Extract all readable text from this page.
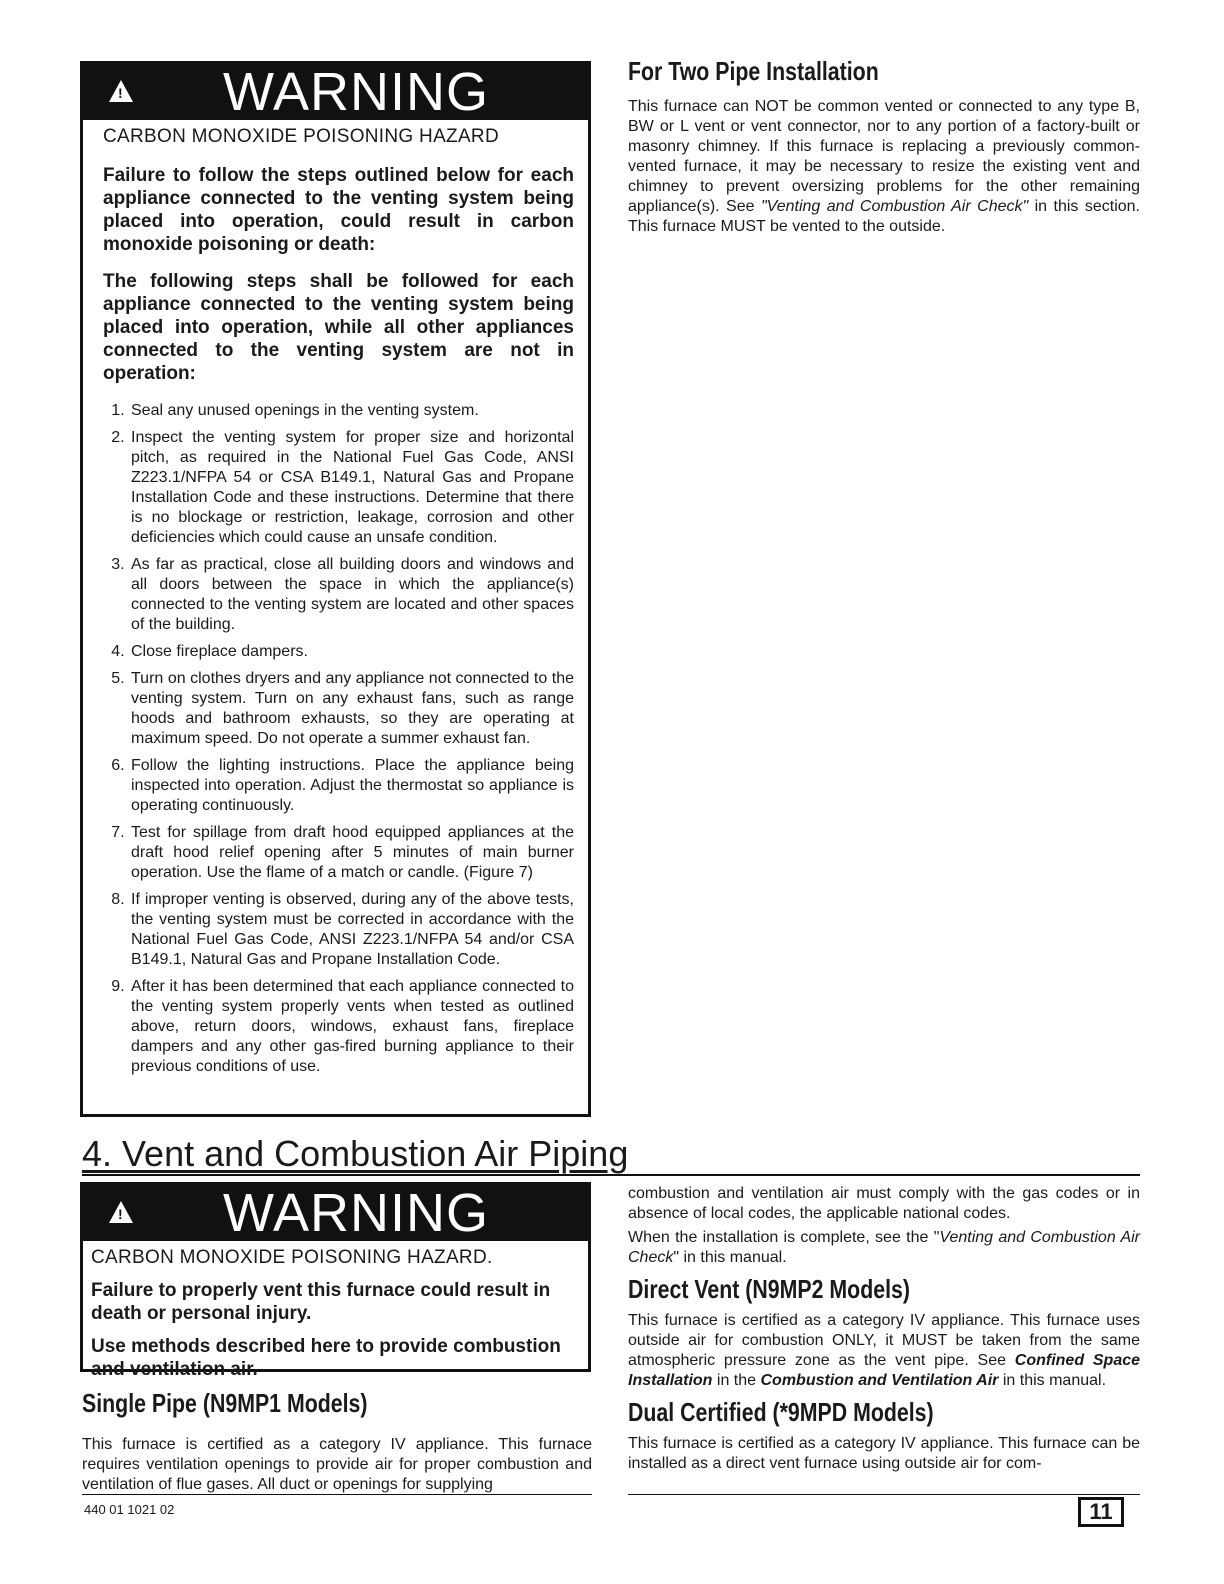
!
WARNING

CARBON MONOXIDE POISONING HAZARD

Failure to follow the steps outlined below for each appliance connected to the venting system being placed into operation, could result in carbon monoxide poisoning or death:

The following steps shall be followed for each appliance connected to the venting system being placed into operation, while all other appliances connected to the venting system are not in operation:

1. Seal any unused openings in the venting system.
2. Inspect the venting system for proper size and horizontal pitch, as required in the National Fuel Gas Code, ANSI Z223.1/NFPA 54 or CSA B149.1, Natural Gas and Propane Installation Code and these instructions. Determine that there is no blockage or restriction, leakage, corrosion and other deficiencies which could cause an unsafe condition.
3. As far as practical, close all building doors and windows and all doors between the space in which the appliance(s) connected to the venting system are located and other spaces of the building.
4. Close fireplace dampers.
5. Turn on clothes dryers and any appliance not connected to the venting system. Turn on any exhaust fans, such as range hoods and bathroom exhausts, so they are operating at maximum speed. Do not operate a summer exhaust fan.
6. Follow the lighting instructions. Place the appliance being inspected into operation. Adjust the thermostat so appliance is operating continuously.
7. Test for spillage from draft hood equipped appliances at the draft hood relief opening after 5 minutes of main burner operation. Use the flame of a match or candle. (Figure 7)
8. If improper venting is observed, during any of the above tests, the venting system must be corrected in accordance with the National Fuel Gas Code, ANSI Z223.1/NFPA 54 and/or CSA B149.1, Natural Gas and Propane Installation Code.
9. After it has been determined that each appliance connected to the venting system properly vents when tested as outlined above, return doors, windows, exhaust fans, fireplace dampers and any other gas-fired burning appliance to their previous conditions of use.
For Two Pipe Installation

This furnace can NOT be common vented or connected to any type B, BW or L vent or vent connector, nor to any portion of a factory-built or masonry chimney. If this furnace is replacing a previously common-vented furnace, it may be necessary to resize the existing vent and chimney to prevent oversizing problems for the other remaining appliance(s). See "Venting and Combustion Air Check" in this section. This furnace MUST be vented to the outside.

4. Vent and Combustion Air Piping
!
WARNING

CARBON MONOXIDE POISONING HAZARD.

Failure to properly vent this furnace could result in death or personal injury.

Use methods described here to provide combustion and ventilation air.

Single Pipe (N9MP1 Models)

This furnace is certified as a category IV appliance. This furnace requires ventilation openings to provide air for proper combustion and ventilation of flue gases. All duct or openings for supplying

combustion and ventilation air must comply with the gas codes or in absence of local codes, the applicable national codes.

When the installation is complete, see the "Venting and Combustion Air Check" in this manual.

Direct Vent (N9MP2 Models)

This furnace is certified as a category IV appliance. This furnace uses outside air for combustion ONLY, it MUST be taken from the same atmospheric pressure zone as the vent pipe. See Confined Space Installation in the Combustion and Ventilation Air in this manual.

Dual Certified (*9MPD Models)

This furnace is certified as a category IV appliance. This furnace can be installed as a direct vent furnace using outside air for com-

440 01 1021 02	11
